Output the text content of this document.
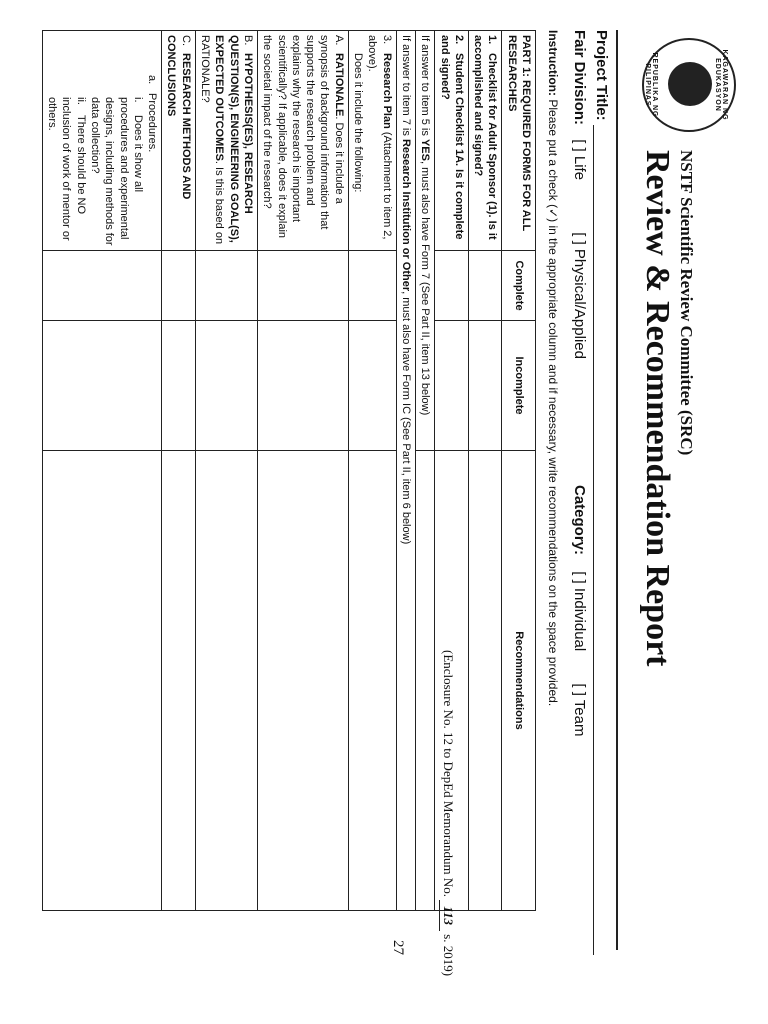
KAGAWARAN NG EDUKASYON
REPUBLIKA NG PILIPINAS
NSTF Scientific Review Committee (SRC)
Review & Recommendation Report
Project Title:
Fair Division: [ ] Life [ ] Physical/Applied
Category: [ ] Individual [ ] Team
Instruction: Please put a check (✓) in the appropriate column and if necessary, write recommendations on the space provided.
PART 1: REQUIRED FORMS FOR ALL RESEARCHES	Complete	Incomplete	Recommendations
1.Checklist for Adult Sponsor (1). Is it accomplished and signed?			
2.Student Checklist 1A. Is it complete and signed?			
If answer to item 5 is YES, must also have Form 7 (See Part II, item 13 below)			
If answer to item 7 is Research Institution or Other, must also have Form IC (See Part II, item 6 below)			
3.Research Plan (Attachment to item 2, above).
Does it include the following:			

A.RATIONALE. Does it include a synopsis of background information that supports the research problem and explains why the research is important scientifically? If applicable, does it explain the societal impact of the research?			
B.HYPOTHESIS(ES), RESEARCH QUESTION(S), ENGINEERING GOAL(S), EXPECTED OUTCOMES. Is this based on RATIONALE?			
C.RESEARCH METHODS AND CONCLUSIONS			

a.Procedures.
i.Does it show all procedures and experimental designs, including methods for data collection?
ii.There should be NO inclusion of work of mentor or others.			

(Enclosure No. 12 to DepEd Memorandum No. 113 s. 2019)
27
